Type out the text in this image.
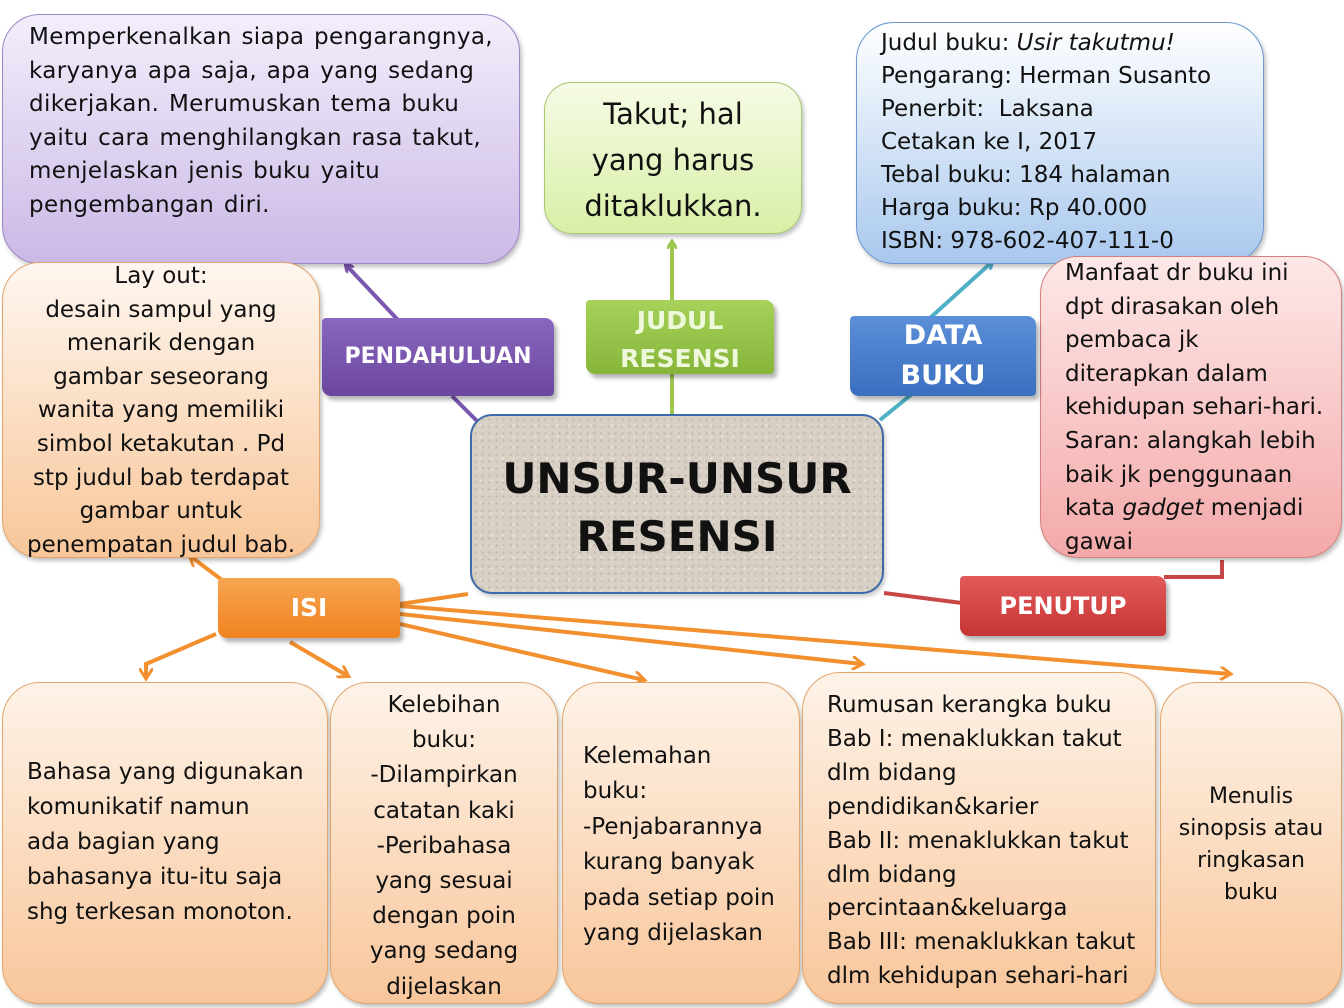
Memperkenalkan siapa pengarangnya,

karyanya apa saja, apa yang sedang

dikerjakan. Merumuskan tema buku

yaitu cara menghilangkan rasa takut,

menjelaskan jenis buku yaitu

pengembangan diri.

Takut; hal

yang harus

ditaklukkan.

Judul buku: Usir takutmu!

Pengarang: Herman Susanto

Penerbit:  Laksana

Cetakan ke I, 2017

Tebal buku: 184 halaman

Harga buku: Rp 40.000

ISBN: 978-602-407-111-0

Lay out:

desain sampul yang

menarik dengan

gambar seseorang

wanita yang memiliki

simbol ketakutan . Pd

stp judul bab terdapat

gambar untuk

penempatan judul bab.

Manfaat dr buku ini

dpt dirasakan oleh

pembaca jk

diterapkan dalam

kehidupan sehari-hari.

Saran: alangkah lebih

baik jk penggunaan

kata gadget menjadi

gawai

UNSUR-UNSUR
RESENSI
PENDAHULUAN
JUDUL
RESENSI
DATA
BUKU
ISI	PENUTUP

Bahasa yang digunakan

komunikatif namun

ada bagian yang

bahasanya itu-itu saja

shg terkesan monoton.

Kelebihan

buku:

-Dilampirkan

catatan kaki

-Peribahasa

yang sesuai

dengan poin

yang sedang

dijelaskan

Kelemahan

buku:

-Penjabarannya

kurang banyak

pada setiap poin

yang dijelaskan

Rumusan kerangka buku

Bab I: menaklukkan takut

dlm bidang

pendidikan&karier

Bab II: menaklukkan takut

dlm bidang

percintaan&keluarga

Bab III: menaklukkan takut

dlm kehidupan sehari-hari

Menulis

sinopsis atau

ringkasan

buku
